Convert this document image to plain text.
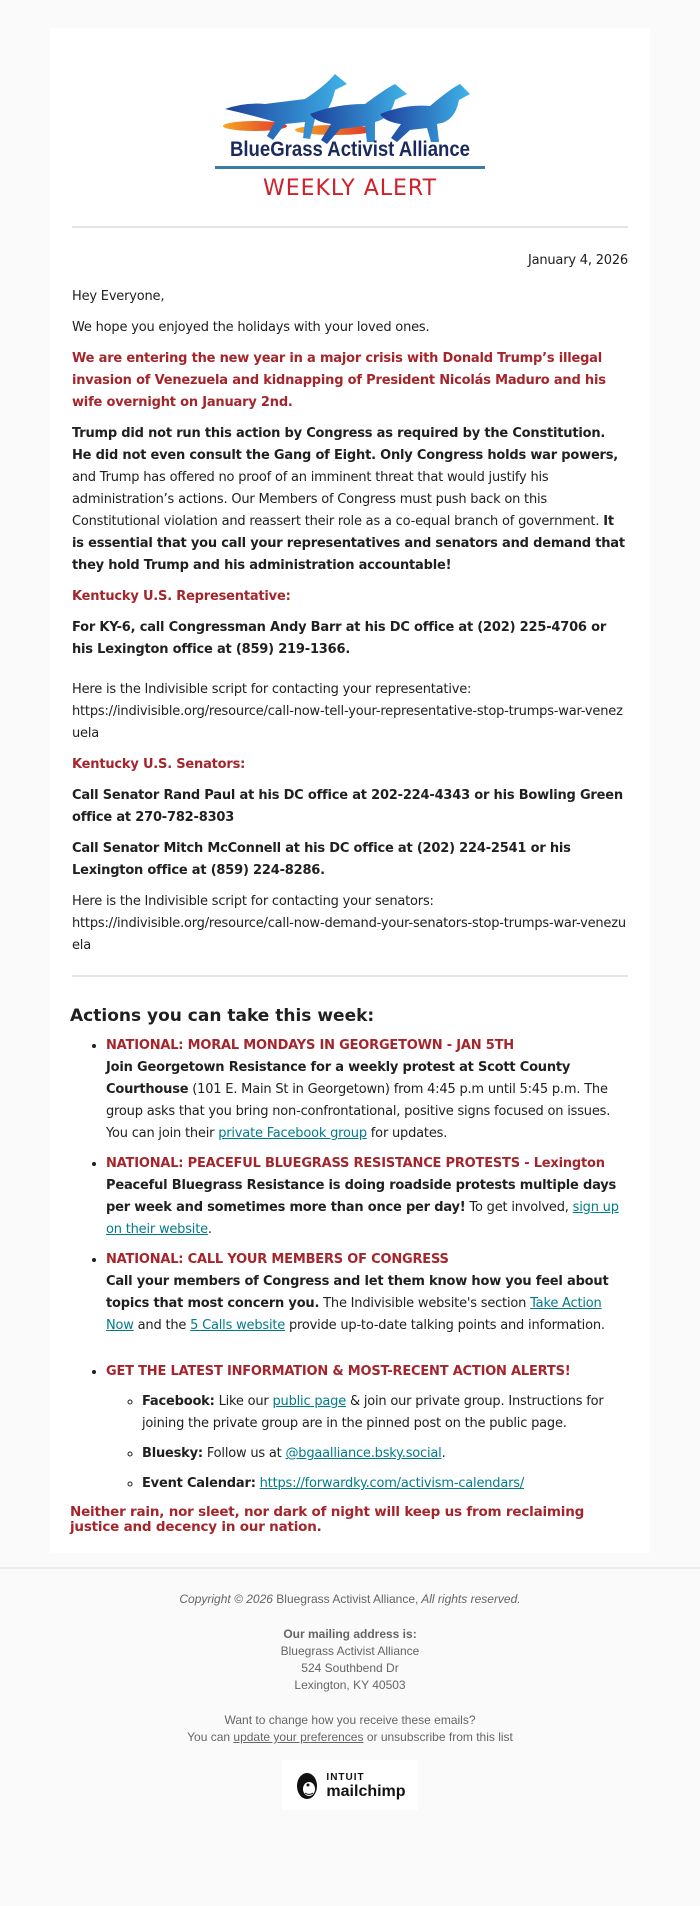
BlueGrass Activist Alliance
WEEKLY ALERT

January 4, 2026

Hey Everyone,

We hope you enjoyed the holidays with your loved ones.

We are entering the new year in a major crisis with Donald Trump’s illegal invasion of Venezuela and kidnapping of President Nicolás Maduro and his wife overnight on January 2nd.

Trump did not run this action by Congress as required by the Constitution. He did not even consult the Gang of Eight. Only Congress holds war powers, and Trump has offered no proof of an imminent threat that would justify his administration’s actions. Our Members of Congress must push back on this Constitutional violation and reassert their role as a co-equal branch of government. It is essential that you call your representatives and senators and demand that they hold Trump and his administration accountable!

Kentucky U.S. Representative:

For KY-6, call Congressman Andy Barr at his DC office at (202) 225-4706 or his Lexington office at (859) 219-1366.

Here is the Indivisible script for contacting your representative:
https://indivisible.org/resource/call-now-tell-your-representative-stop-trumps-war-venezuela

Kentucky U.S. Senators:

Call Senator Rand Paul at his DC office at 202-224-4343 or his Bowling Green office at 270-782-8303

Call Senator Mitch McConnell at his DC office at (202) 224-2541 or his Lexington office at (859) 224-8286.

Here is the Indivisible script for contacting your senators:
https://indivisible.org/resource/call-now-demand-your-senators-stop-trumps-war-venezuela

Actions you can take this week:
• NATIONAL: MORAL MONDAYS IN GEORGETOWN - JAN 5TH
Join Georgetown Resistance for a weekly protest at Scott County Courthouse (101 E. Main St in Georgetown) from 4:45 p.m until 5:45 p.m. The group asks that you bring non-confrontational, positive signs focused on issues. You can join their private Facebook group for updates.
• NATIONAL: PEACEFUL BLUEGRASS RESISTANCE PROTESTS - Lexington
Peaceful Bluegrass Resistance is doing roadside protests multiple days per week and sometimes more than once per day! To get involved, sign up on their website.
• NATIONAL: CALL YOUR MEMBERS OF CONGRESS
Call your members of Congress and let them know how you feel about topics that most concern you. The Indivisible website's section Take Action Now and the 5 Calls website provide up-to-date talking points and information.
• GET THE LATEST INFORMATION & MOST-RECENT ACTION ALERTS!
◦ Facebook: Like our public page & join our private group. Instructions for joining the private group are in the pinned post on the public page.
◦ Bluesky: Follow us at @bgaalliance.bsky.social.
◦ Event Calendar: https://forwardky.com/activism-calendars/
Neither rain, nor sleet, nor dark of night will keep us from reclaiming justice and decency in our nation.
Copyright © 2026 Bluegrass Activist Alliance, All rights reserved.
Our mailing address is:
Bluegrass Activist Alliance
524 Southbend Dr
Lexington, KY 40503
Want to change how you receive these emails?
You can update your preferences or unsubscribe from this list
INTUIT
mailchimp
